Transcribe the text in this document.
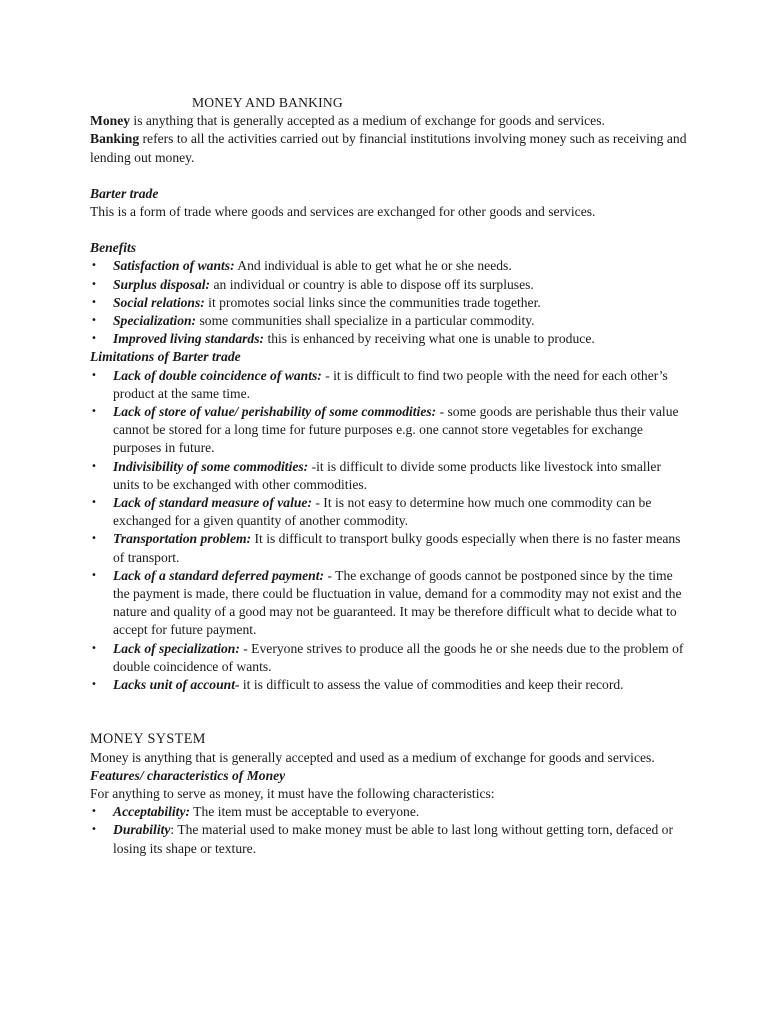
MONEY AND BANKING

Money is anything that is generally accepted as a medium of exchange for goods and services.

Banking refers to all the activities carried out by financial institutions involving money such as receiving and lending out money.

Barter trade

This is a form of trade where goods and services are exchanged for other goods and services.

Benefits

• Satisfaction of wants: And individual is able to get what he or she needs.
• Surplus disposal: an individual or country is able to dispose off its surpluses.
• Social relations: it promotes social links since the communities trade together.
• Specialization: some communities shall specialize in a particular commodity.
• Improved living standards: this is enhanced by receiving what one is unable to produce.

Limitations of Barter trade

• Lack of double coincidence of wants: - it is difficult to find two people with the need for each other’s product at the same time.
• Lack of store of value/ perishability of some commodities: - some goods are perishable thus their value cannot be stored for a long time for future purposes e.g. one cannot store vegetables for exchange purposes in future.
• Indivisibility of some commodities: -it is difficult to divide some products like livestock into smaller units to be exchanged with other commodities.
• Lack of standard measure of value: - It is not easy to determine how much one commodity can be exchanged for a given quantity of another commodity.
• Transportation problem: It is difficult to transport bulky goods especially when there is no faster means of transport.
• Lack of a standard deferred payment: - The exchange of goods cannot be postponed since by the time the payment is made, there could be fluctuation in value, demand for a commodity may not exist and the nature and quality of a good may not be guaranteed. It may be therefore difficult what to decide what to accept for future payment.
• Lack of specialization: - Everyone strives to produce all the goods he or she needs due to the problem of double coincidence of wants.
• Lacks unit of account- it is difficult to assess the value of commodities and keep their record.

MONEY SYSTEM

Money is anything that is generally accepted and used as a medium of exchange for goods and services.

Features/ characteristics of Money

For anything to serve as money, it must have the following characteristics:

• Acceptability: The item must be acceptable to everyone.
• Durability: The material used to make money must be able to last long without getting torn, defaced or losing its shape or texture.
